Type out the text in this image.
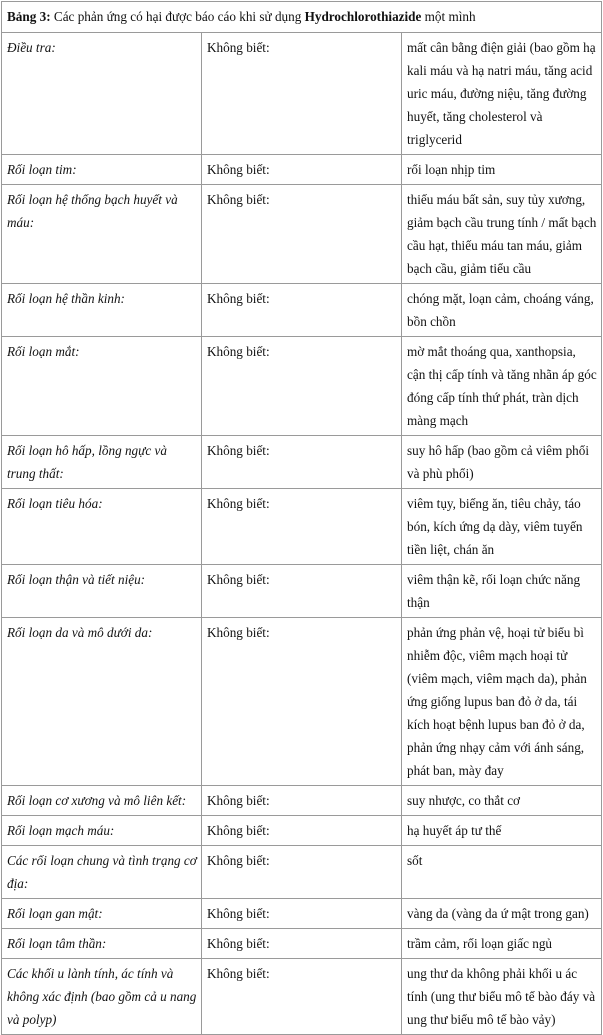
Bảng 3: Các phản ứng có hại được báo cáo khi sử dụng Hydrochlorothiazide một mình		
Điều tra:	Không biết:	mất cân bằng điện giải (bao gồm hạ kali máu và hạ natri máu, tăng acid uric máu, đường niệu, tăng đường huyết, tăng cholesterol và triglycerid
Rối loạn tim:	Không biết:	rối loạn nhịp tim
Rối loạn hệ thống bạch huyết và máu:	Không biết:	thiếu máu bất sản, suy tủy xương, giảm bạch cầu trung tính / mất bạch cầu hạt, thiếu máu tan máu, giảm bạch cầu, giảm tiểu cầu
Rối loạn hệ thần kinh:	Không biết:	chóng mặt, loạn cảm, choáng váng, bồn chồn
Rối loạn mắt:	Không biết:	mờ mắt thoáng qua, xanthopsia, cận thị cấp tính và tăng nhãn áp góc đóng cấp tính thứ phát, tràn dịch màng mạch
Rối loạn hô hấp, lồng ngực và trung thất:	Không biết:	suy hô hấp (bao gồm cả viêm phổi và phù phổi)
Rối loạn tiêu hóa:	Không biết:	viêm tụy, biếng ăn, tiêu chảy, táo bón, kích ứng dạ dày, viêm tuyến tiền liệt, chán ăn
Rối loạn thận và tiết niệu:	Không biết:	viêm thận kẽ, rối loạn chức năng thận
Rối loạn da và mô dưới da:	Không biết:	phản ứng phản vệ, hoại tử biểu bì nhiễm độc, viêm mạch hoại tử (viêm mạch, viêm mạch da), phản ứng giống lupus ban đỏ ở da, tái kích hoạt bệnh lupus ban đỏ ở da, phản ứng nhạy cảm với ánh sáng, phát ban, mày đay
Rối loạn cơ xương và mô liên kết:	Không biết:	suy nhược, co thắt cơ
Rối loạn mạch máu:	Không biết:	hạ huyết áp tư thế
Các rối loạn chung và tình trạng cơ địa:	Không biết:	sốt
Rối loạn gan mật:	Không biết:	vàng da (vàng da ứ mật trong gan)
Rối loạn tâm thần:	Không biết:	trầm cảm, rối loạn giấc ngủ
Các khối u lành tính, ác tính và không xác định (bao gồm cả u nang và polyp)	Không biết:	ung thư da không phải khối u ác tính (ung thư biểu mô tế bào đáy và ung thư biểu mô tế bào vảy)
